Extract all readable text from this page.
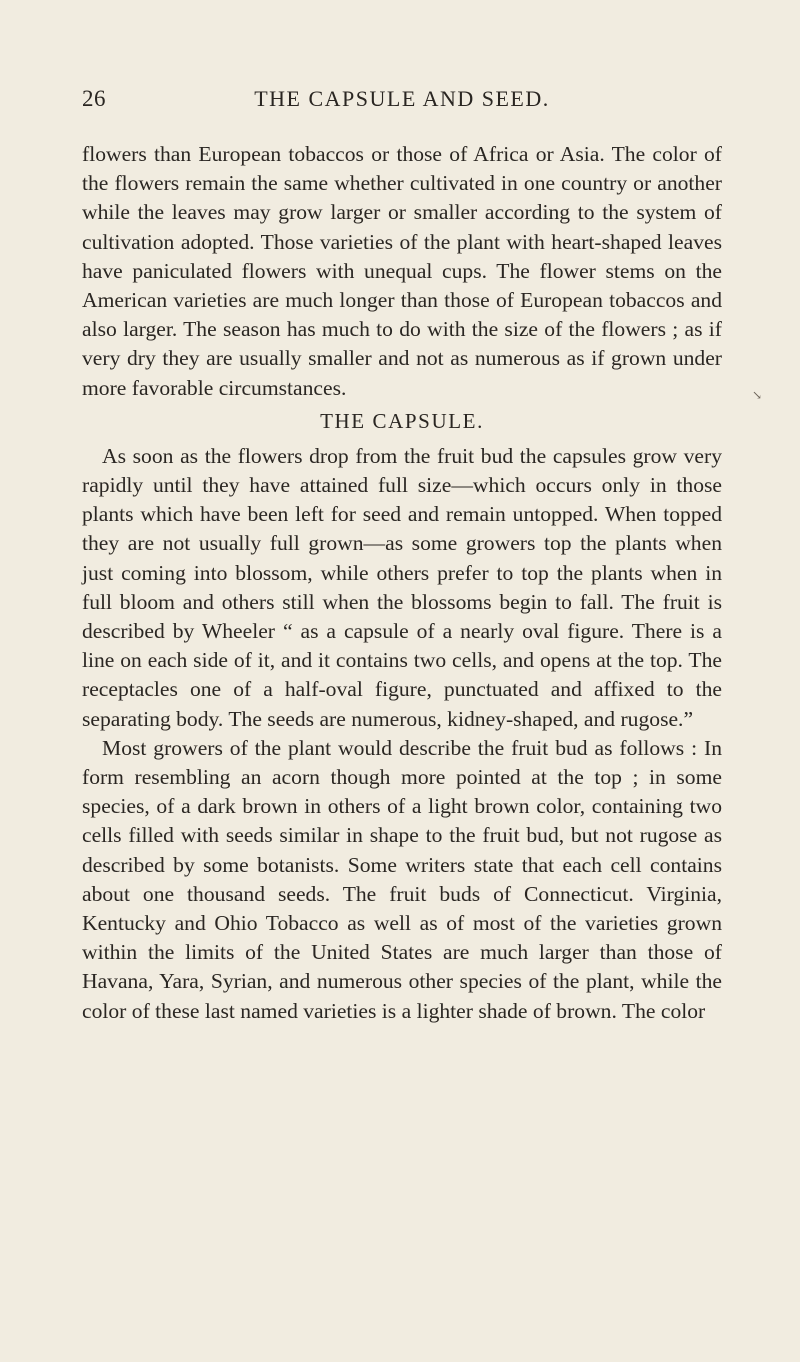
26	THE CAPSULE AND SEED.

flowers than European tobaccos or those of Africa or Asia. The color of the flowers remain the same whether cultivated in one country or another while the leaves may grow larger or smaller according to the system of cultivation adopted. Those varieties of the plant with heart-shaped leaves have paniculated flowers with unequal cups. The flower stems on the American varieties are much longer than those of European tobaccos and also larger. The season has much to do with the size of the flowers ; as if very dry they are usually smaller and not as numerous as if grown under more favorable circumstances.

THE CAPSULE.

As soon as the flowers drop from the fruit bud the capsules grow very rapidly until they have attained full size—which occurs only in those plants which have been left for seed and remain untopped. When topped they are not usually full grown—as some growers top the plants when just coming into blossom, while others prefer to top the plants when in full bloom and others still when the blossoms begin to fall. The fruit is described by Wheeler “ as a capsule of a nearly oval figure. There is a line on each side of it, and it contains two cells, and opens at the top. The receptacles one of a half-oval figure, punctuated and affixed to the separating body. The seeds are numerous, kidney-shaped, and rugose.”

Most growers of the plant would describe the fruit bud as follows : In form resembling an acorn though more pointed at the top ; in some species, of a dark brown in others of a light brown color, containing two cells filled with seeds similar in shape to the fruit bud, but not rugose as described by some botanists. Some writers state that each cell contains about one thousand seeds. The fruit buds of Connecticut. Virginia, Kentucky and Ohio Tobacco as well as of most of the varieties grown within the limits of the United States are much larger than those of Havana, Yara, Syrian, and numerous other species of the plant, while the color of these last named varieties is a lighter shade of brown. The color

↘
